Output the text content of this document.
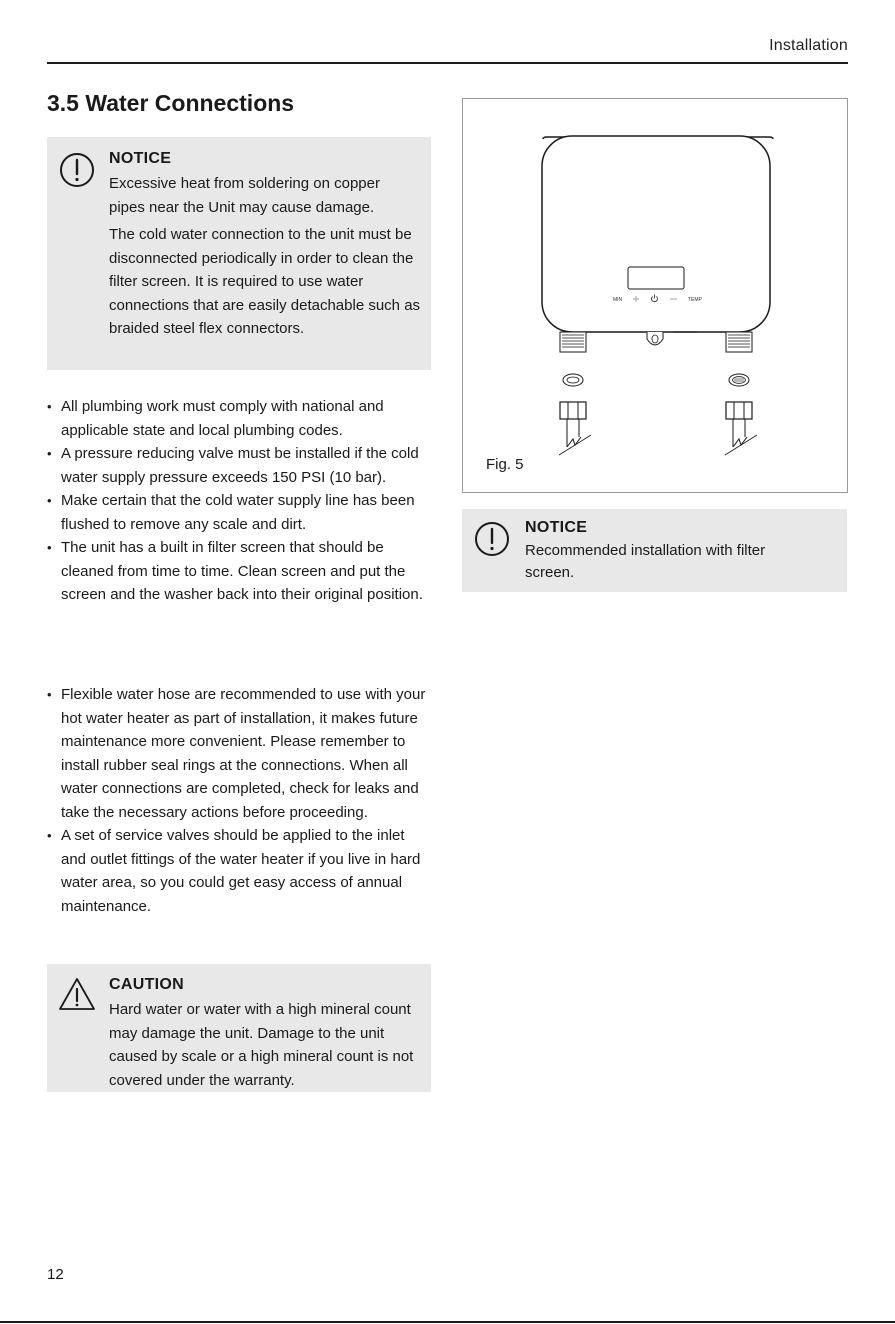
Installation
3.5 Water Connections
NOTICE

Excessive heat from soldering on copper pipes near the Unit may cause damage.

The cold water connection to the unit must be disconnected periodically in order to clean the filter screen. It is required to use water connections that are easily detachable such as braided steel flex connectors.

• All plumbing work must comply with national and applicable state and local plumbing codes.
• A pressure reducing valve must be installed if the cold water supply pressure exceeds 150 PSI (10 bar).
• Make certain that the cold water supply line has been flushed to remove any scale and dirt.
• The unit has a built in filter screen that should be cleaned from time to time. Clean screen and put the screen and the washer back into their original position.
• Flexible water hose are recommended to use with your hot water heater as part of installation, it makes future maintenance more convenient. Please remember to install rubber seal rings at the connections. When all water connections are completed, check for leaks and take the necessary actions before proceeding.
• A set of service valves should be applied to the inlet and outlet fittings of the water heater if you live in hard water area, so you could get easy access of annual maintenance.
CAUTION

Hard water or water with a high mineral count may damage the unit. Damage to the unit caused by scale or a high mineral count is not covered under the warranty.

MIN	TEMP
Fig. 5
NOTICE

Recommended installation with filter screen.

12
